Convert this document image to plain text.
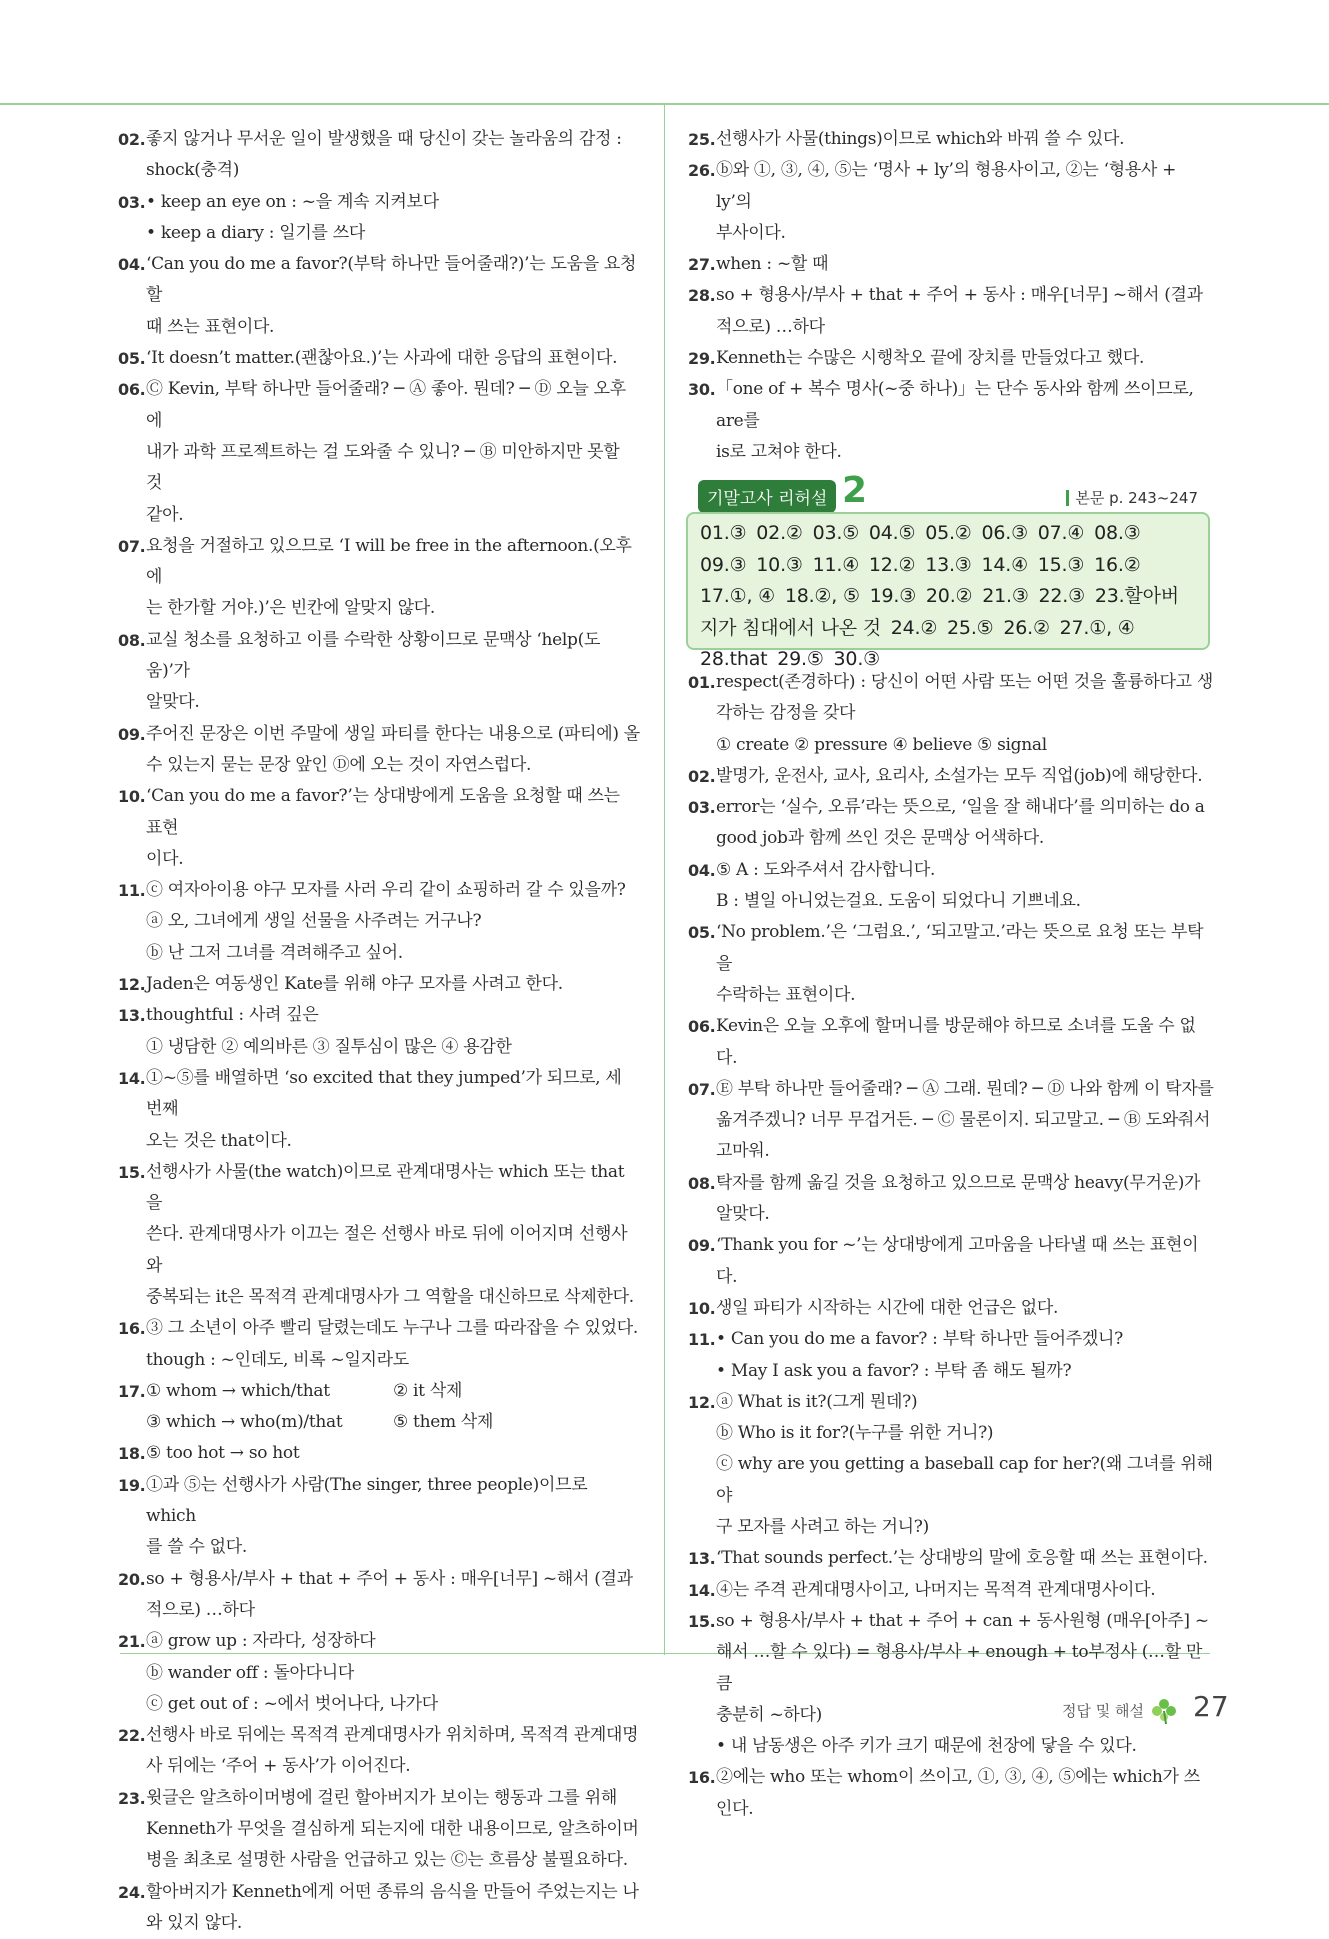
02. 좋지 않거나 무서운 일이 발생했을 때 당신이 갖는 놀라움의 감정 :
shock(충격)
03. • keep an eye on : ~을 계속 지켜보다
• keep a diary : 일기를 쓰다
04. ‘Can you do me a favor?(부탁 하나만 들어줄래?)’는 도움을 요청할
때 쓰는 표현이다.
05. ‘It doesn’t matter.(괜찮아요.)’는 사과에 대한 응답의 표현이다.
06. Ⓒ Kevin, 부탁 하나만 들어줄래? ─ Ⓐ 좋아. 뭔데? ─ Ⓓ 오늘 오후에
내가 과학 프로젝트하는 걸 도와줄 수 있니? ─ Ⓑ 미안하지만 못할 것
같아.
07. 요청을 거절하고 있으므로 ‘I will be free in the afternoon.(오후에
는 한가할 거야.)’은 빈칸에 알맞지 않다.
08. 교실 청소를 요청하고 이를 수락한 상황이므로 문맥상 ‘help(도움)’가
알맞다.
09. 주어진 문장은 이번 주말에 생일 파티를 한다는 내용으로 (파티에) 올
수 있는지 묻는 문장 앞인 Ⓓ에 오는 것이 자연스럽다.
10. ‘Can you do me a favor?’는 상대방에게 도움을 요청할 때 쓰는 표현
이다.
11. ⓒ 여자아이용 야구 모자를 사러 우리 같이 쇼핑하러 갈 수 있을까?
ⓐ 오, 그녀에게 생일 선물을 사주려는 거구나?
ⓑ 난 그저 그녀를 격려해주고 싶어.
12. Jaden은 여동생인 Kate를 위해 야구 모자를 사려고 한다.
13. thoughtful : 사려 깊은
① 냉담한 ② 예의바른 ③ 질투심이 많은 ④ 용감한
14. ①~⑤를 배열하면 ‘so excited that they jumped’가 되므로, 세 번째
오는 것은 that이다.
15. 선행사가 사물(the watch)이므로 관계대명사는 which 또는 that을
쓴다. 관계대명사가 이끄는 절은 선행사 바로 뒤에 이어지며 선행사와
중복되는 it은 목적격 관계대명사가 그 역할을 대신하므로 삭제한다.
16. ③ 그 소년이 아주 빨리 달렸는데도 누구나 그를 따라잡을 수 있었다.
though : ~인데도, 비록 ~일지라도
17. ① whom → which/that	② it 삭제
③ which → who(m)/that	⑤ them 삭제
18. ⑤ too hot → so hot
19. ①과 ⑤는 선행사가 사람(The singer, three people)이므로 which
를 쓸 수 없다.
20. so + 형용사/부사 + that + 주어 + 동사 : 매우[너무] ~해서 (결과
적으로) …하다
21. ⓐ grow up : 자라다, 성장하다
ⓑ wander off : 돌아다니다
ⓒ get out of : ~에서 벗어나다, 나가다
22. 선행사 바로 뒤에는 목적격 관계대명사가 위치하며, 목적격 관계대명
사 뒤에는 ‘주어 + 동사’가 이어진다.
23. 윗글은 알츠하이머병에 걸린 할아버지가 보이는 행동과 그를 위해
Kenneth가 무엇을 결심하게 되는지에 대한 내용이므로, 알츠하이머
병을 최초로 설명한 사람을 언급하고 있는 Ⓒ는 흐름상 불필요하다.
24. 할아버지가 Kenneth에게 어떤 종류의 음식을 만들어 주었는지는 나
와 있지 않다.
25. 선행사가 사물(things)이므로 which와 바꿔 쓸 수 있다.
26. ⓑ와 ①, ③, ④, ⑤는 ‘명사 + ly’의 형용사이고, ②는 ‘형용사 + ly’의
부사이다.
27. when : ~할 때
28. so + 형용사/부사 + that + 주어 + 동사 : 매우[너무] ~해서 (결과
적으로) …하다
29. Kenneth는 수많은 시행착오 끝에 장치를 만들었다고 했다.
30. 「one of + 복수 명사(~중 하나)」는 단수 동사와 함께 쓰이므로, are를
is로 고쳐야 한다.
기말고사 리허설 2	본문 p. 243~247
01.③ 02.② 03.⑤ 04.⑤ 05.② 06.③ 07.④ 08.③ 09.③ 10.③ 11.④ 12.② 13.③ 14.④ 15.③ 16.② 17.①, ④ 18.②, ⑤ 19.③ 20.② 21.③ 22.③ 23.할아버지가 침대에서 나온 것 24.② 25.⑤ 26.② 27.①, ④ 28.that 29.⑤ 30.③
01. respect(존경하다) : 당신이 어떤 사람 또는 어떤 것을 훌륭하다고 생
각하는 감정을 갖다
① create ② pressure ④ believe ⑤ signal
02. 발명가, 운전사, 교사, 요리사, 소설가는 모두 직업(job)에 해당한다.
03. error는 ‘실수, 오류’라는 뜻으로, ‘일을 잘 해내다’를 의미하는 do a
good job과 함께 쓰인 것은 문맥상 어색하다.
04. ⑤ A : 도와주셔서 감사합니다.
B : 별일 아니었는걸요. 도움이 되었다니 기쁘네요.
05. ‘No problem.’은 ‘그럼요.’, ‘되고말고.’라는 뜻으로 요청 또는 부탁을
수락하는 표현이다.
06. Kevin은 오늘 오후에 할머니를 방문해야 하므로 소녀를 도울 수 없다.
07. Ⓔ 부탁 하나만 들어줄래? ─ Ⓐ 그래. 뭔데? ─ Ⓓ 나와 함께 이 탁자를
옮겨주겠니? 너무 무겁거든. ─ Ⓒ 물론이지. 되고말고. ─ Ⓑ 도와줘서
고마워.
08. 탁자를 함께 옮길 것을 요청하고 있으므로 문맥상 heavy(무거운)가
알맞다.
09. ‘Thank you for ~’는 상대방에게 고마움을 나타낼 때 쓰는 표현이다.
10. 생일 파티가 시작하는 시간에 대한 언급은 없다.
11. • Can you do me a favor? : 부탁 하나만 들어주겠니?
• May I ask you a favor? : 부탁 좀 해도 될까?
12. ⓐ What is it?(그게 뭔데?)
ⓑ Who is it for?(누구를 위한 거니?)
ⓒ why are you getting a baseball cap for her?(왜 그녀를 위해 야
구 모자를 사려고 하는 거니?)
13. ‘That sounds perfect.’는 상대방의 말에 호응할 때 쓰는 표현이다.
14. ④는 주격 관계대명사이고, 나머지는 목적격 관계대명사이다.
15. so + 형용사/부사 + that + 주어 + can + 동사원형 (매우[아주] ~
해서 …할 수 있다) = 형용사/부사 + enough + to부정사 (…할 만큼
충분히 ~하다)
• 내 남동생은 아주 키가 크기 때문에 천장에 닿을 수 있다.
16. ②에는 who 또는 whom이 쓰이고, ①, ③, ④, ⑤에는 which가 쓰인다.
정답 및 해설 27
